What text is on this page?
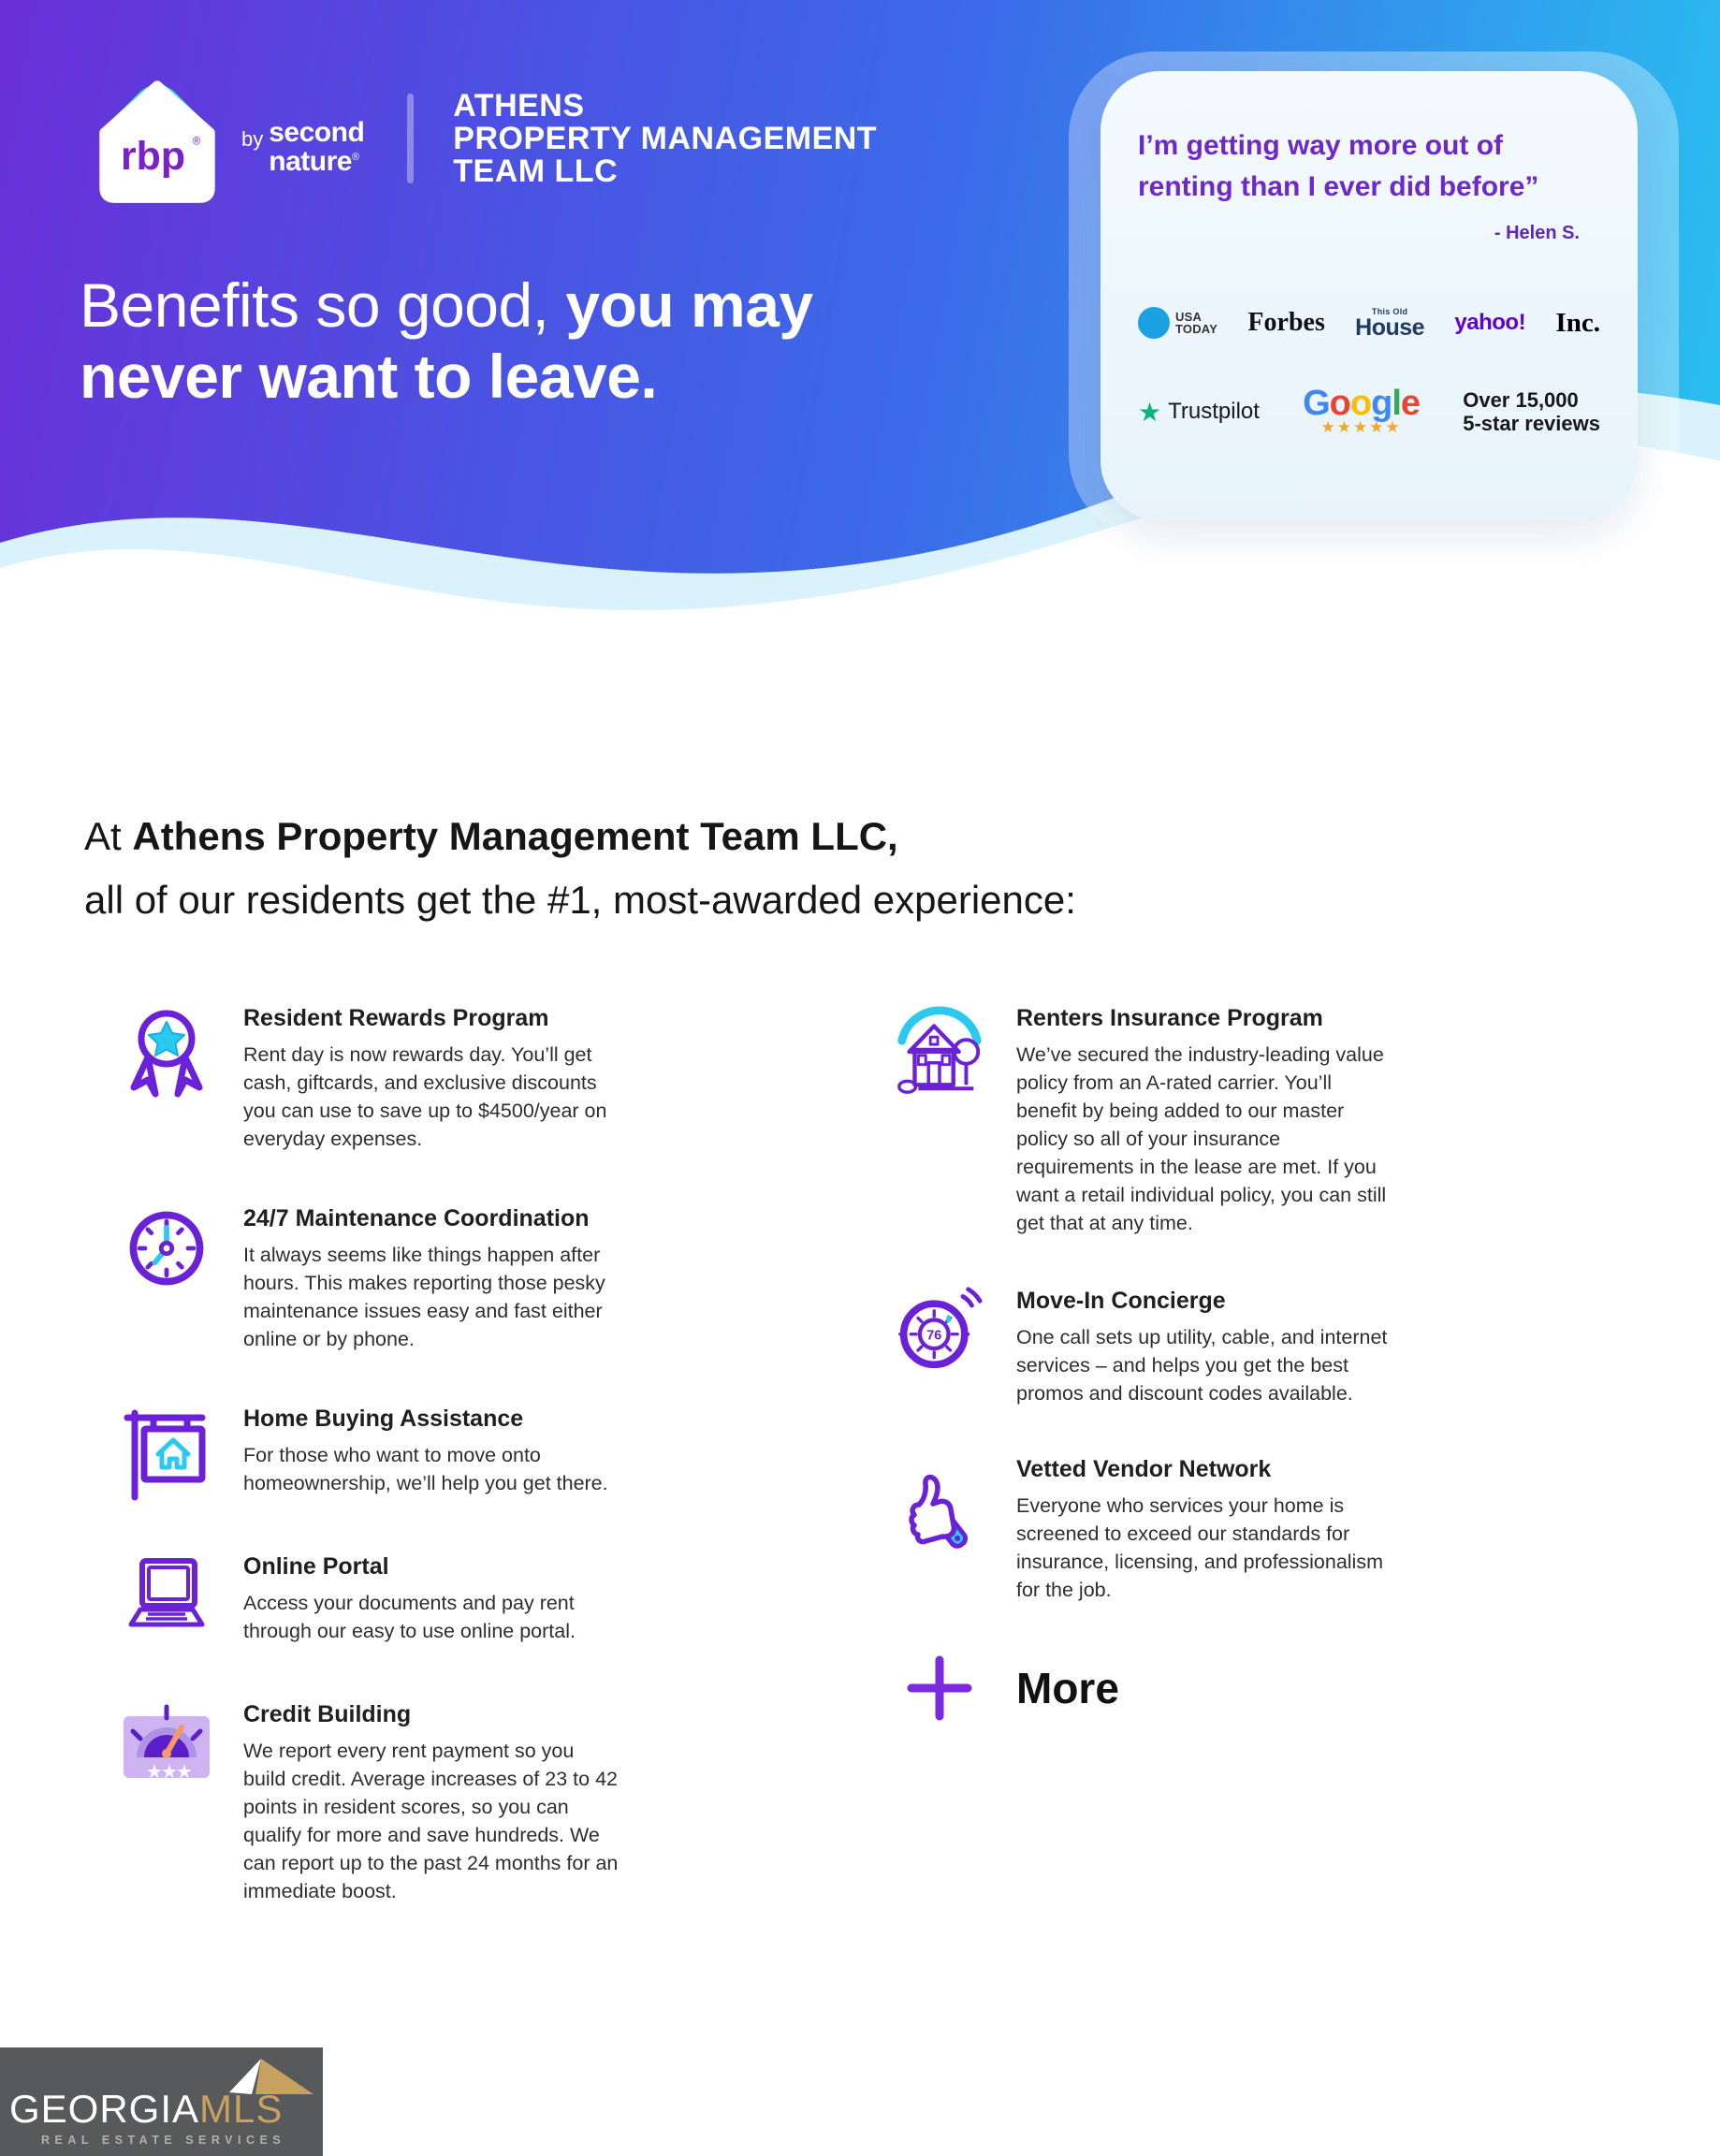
rbp ® by second
nature®
ATHENS
PROPERTY MANAGEMENT
TEAM LLC
Benefits so good, you may
never want to leave.
I’m getting way more out of
renting than I ever did before”
- Helen S.
USA
TODAY Forbes	This Old
House yahoo! Inc.
★ Trustpilot Google
★★★★★
Over 15,000
5-star reviews
At Athens Property Management Team LLC,
all of our residents get the #1, most-awarded experience:
Resident Rewards Program
Rent day is now rewards day. You’ll get cash, giftcards, and exclusive discounts you can use to save up to $4500/year on everyday expenses.
24/7 Maintenance Coordination
It always seems like things happen after hours. This makes reporting those pesky maintenance issues easy and fast either online or by phone.
Home Buying Assistance
For those who want to move onto homeownership, we’ll help you get there.
Online Portal
Access your documents and pay rent through our easy to use online portal.
★
★
★
Credit Building
We report every rent payment so you build credit. Average increases of 23 to 42 points in resident scores, so you can qualify for more and save hundreds. We can report up to the past 24 months for an immediate boost.
Renters Insurance Program
We’ve secured the industry-leading value policy from an A-rated carrier. You’ll benefit by being added to our master policy so all of your insurance requirements in the lease are met. If you want a retail individual policy, you can still get that at any time.
76
Move-In Concierge
One call sets up utility, cable, and internet services – and helps you get the best promos and discount codes available.
Vetted Vendor Network
Everyone who services your home is screened to exceed our standards for insurance, licensing, and professionalism for the job.
More
GEORGIAMLS
REAL ESTATE SERVICES
